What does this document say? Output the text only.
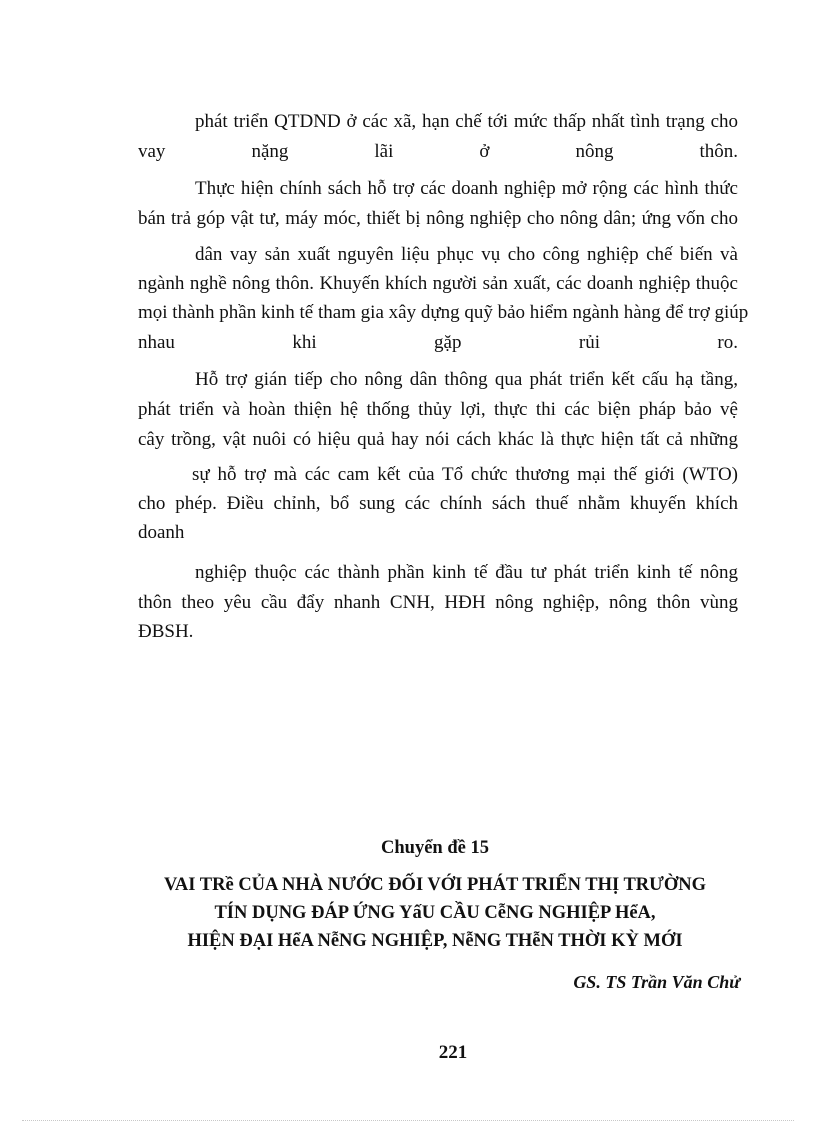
phát triển QTDND ở các xã, hạn chế tới mức thấp nhất tình trạng cho
vay nặng lãi ở nông thôn.
Thực hiện chính sách hỗ trợ các doanh nghiệp mở rộng các hình thức
bán trả góp vật tư, máy móc, thiết bị nông nghiệp cho nông dân; ứng vốn cho
dân vay sản xuất nguyên liệu phục vụ cho công nghiệp chế biến và
ngành nghề nông thôn. Khuyến khích người sản xuất, các doanh nghiệp thuộc
mọi thành phần kinh tế tham gia xây dựng quỹ bảo hiểm ngành hàng để trợ giúp
nhau khi gặp rủi ro.
Hỗ trợ gián tiếp cho nông dân thông qua phát triển kết cấu hạ tầng,
phát triển và hoàn thiện hệ thống thủy lợi, thực thi các biện pháp bảo vệ
cây trồng, vật nuôi có hiệu quả hay nói cách khác là thực hiện tất cả những
sự hỗ trợ mà các cam kết của Tổ chức thương mại thế giới (WTO)
cho phép. Điều chỉnh, bổ sung các chính sách thuế nhằm khuyến khích
doanh
nghiệp thuộc các thành phần kinh tế đầu tư phát triển kinh tế nông
thôn theo yêu cầu đẩy nhanh CNH, HĐH nông nghiệp, nông thôn vùng
ĐBSH.
Chuyển đề 15
VAI TRề CỦA NHÀ NƯỚC ĐỐI VỚI PHÁT TRIỂN THỊ TRƯỜNG
TÍN DỤNG ĐÁP ỨNG YấU CẦU CễNG NGHIỆP HểA,
HIỆN ĐẠI HểA NễNG NGHIỆP, NễNG THễN THỜI KỲ MỚI
GS. TS Trần Văn Chử
221
